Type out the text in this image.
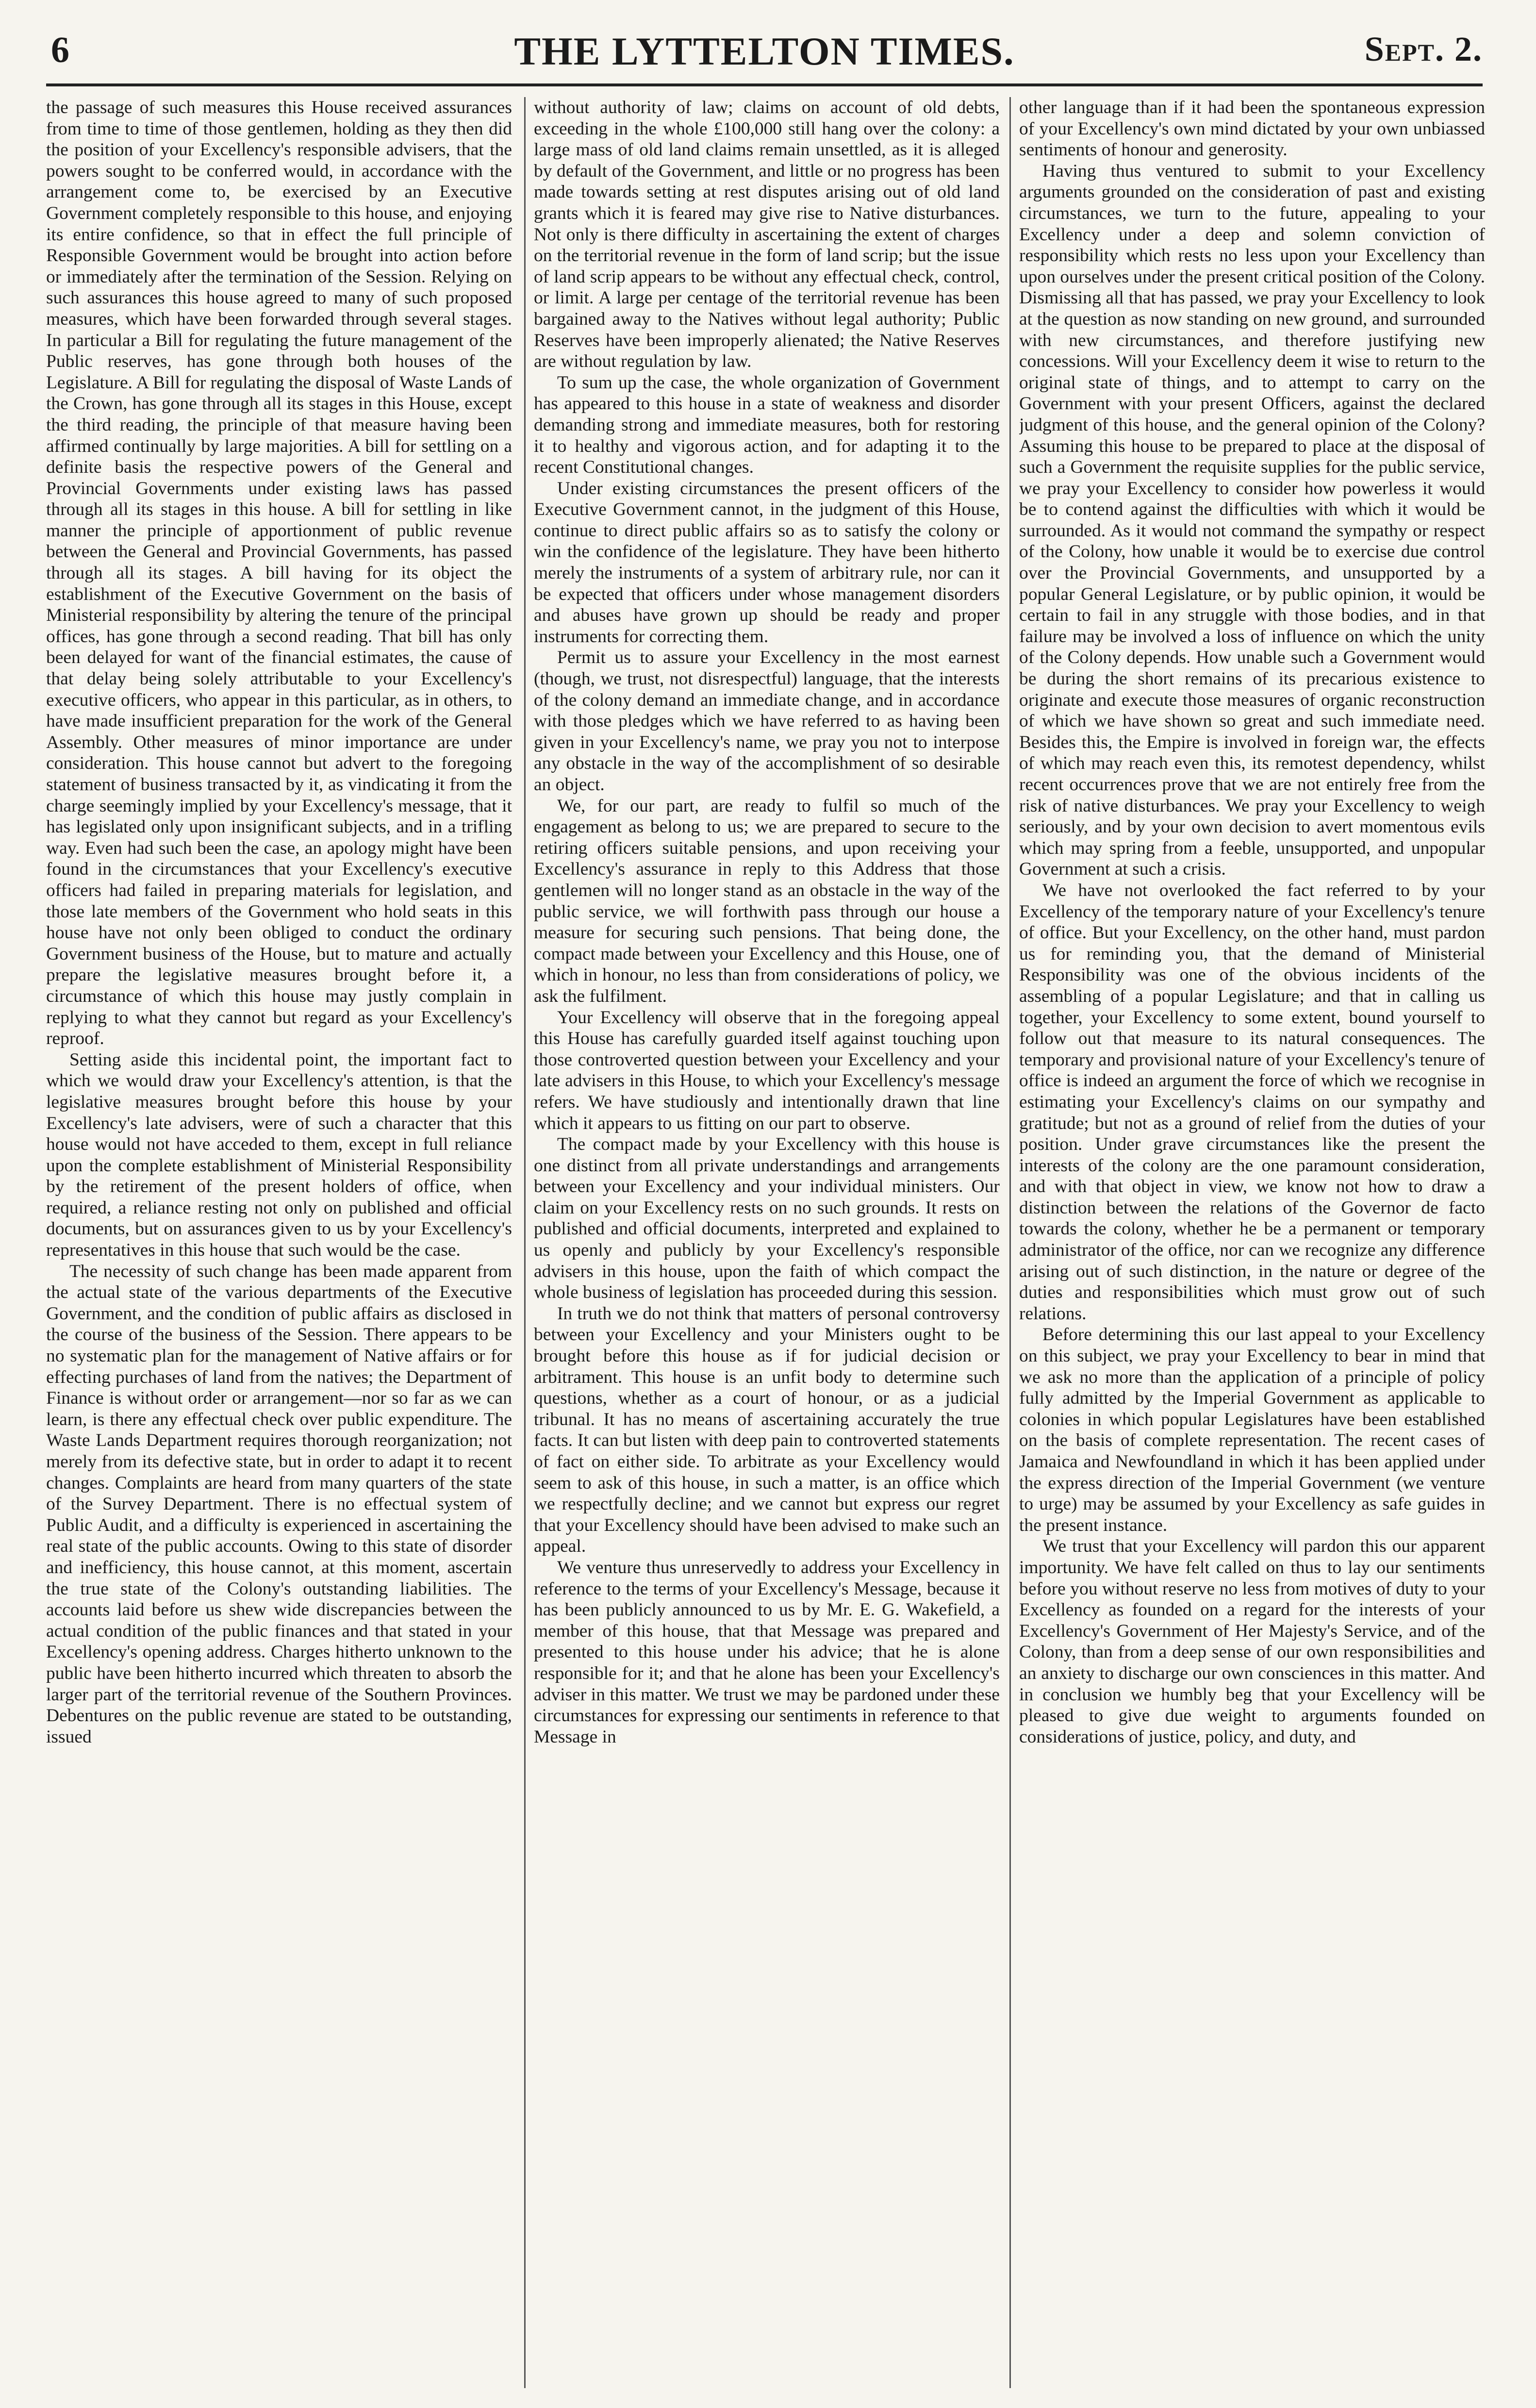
6	THE LYTTELTON TIMES.	Sept. 2.

the passage of such measures this House received assurances from time to time of those gentlemen, holding as they then did the position of your Excellency's responsible advisers, that the powers sought to be conferred would, in accordance with the arrangement come to, be exercised by an Executive Government completely responsible to this house, and enjoying its entire confidence, so that in effect the full principle of Responsible Government would be brought into action before or immediately after the termination of the Session. Relying on such assurances this house agreed to many of such proposed measures, which have been forwarded through several stages. In particular a Bill for regulating the future management of the Public reserves, has gone through both houses of the Legislature. A Bill for regulating the disposal of Waste Lands of the Crown, has gone through all its stages in this House, except the third reading, the principle of that measure having been affirmed continually by large majorities. A bill for settling on a definite basis the respective powers of the General and Provincial Governments under existing laws has passed through all its stages in this house. A bill for settling in like manner the principle of apportionment of public revenue between the General and Provincial Governments, has passed through all its stages. A bill having for its object the establishment of the Executive Government on the basis of Ministerial responsibility by altering the tenure of the principal offices, has gone through a second reading. That bill has only been delayed for want of the financial estimates, the cause of that delay being solely attributable to your Excellency's executive officers, who appear in this particular, as in others, to have made insufficient preparation for the work of the General Assembly. Other measures of minor importance are under consideration. This house cannot but advert to the foregoing statement of business transacted by it, as vindicating it from the charge seemingly implied by your Excellency's message, that it has legislated only upon insignificant subjects, and in a trifling way. Even had such been the case, an apology might have been found in the circumstances that your Excellency's executive officers had failed in preparing materials for legislation, and those late members of the Government who hold seats in this house have not only been obliged to conduct the ordinary Government business of the House, but to mature and actually prepare the legislative measures brought before it, a circumstance of which this house may justly complain in replying to what they cannot but regard as your Excellency's reproof.

Setting aside this incidental point, the important fact to which we would draw your Excellency's attention, is that the legislative measures brought before this house by your Excellency's late advisers, were of such a character that this house would not have acceded to them, except in full reliance upon the complete establishment of Ministerial Responsibility by the retirement of the present holders of office, when required, a reliance resting not only on published and official documents, but on assurances given to us by your Excellency's representatives in this house that such would be the case.

The necessity of such change has been made apparent from the actual state of the various departments of the Executive Government, and the condition of public affairs as disclosed in the course of the business of the Session. There appears to be no systematic plan for the management of Native affairs or for effecting purchases of land from the natives; the Department of Finance is without order or arrangement—nor so far as we can learn, is there any effectual check over public expenditure. The Waste Lands Department requires thorough reorganization; not merely from its defective state, but in order to adapt it to recent changes. Complaints are heard from many quarters of the state of the Survey Department. There is no effectual system of Public Audit, and a difficulty is experienced in ascertaining the real state of the public accounts. Owing to this state of disorder and inefficiency, this house cannot, at this moment, ascertain the true state of the Colony's outstanding liabilities. The accounts laid before us shew wide discrepancies between the actual condition of the public finances and that stated in your Excellency's opening address. Charges hitherto unknown to the public have been hitherto incurred which threaten to absorb the larger part of the territorial revenue of the Southern Provinces. Debentures on the public revenue are stated to be outstanding, issued

without authority of law; claims on account of old debts, exceeding in the whole £100,000 still hang over the colony: a large mass of old land claims remain unsettled, as it is alleged by default of the Government, and little or no progress has been made towards setting at rest disputes arising out of old land grants which it is feared may give rise to Native disturbances. Not only is there difficulty in ascertaining the extent of charges on the territorial revenue in the form of land scrip; but the issue of land scrip appears to be without any effectual check, control, or limit. A large per centage of the territorial revenue has been bargained away to the Natives without legal authority; Public Reserves have been improperly alienated; the Native Reserves are without regulation by law.

To sum up the case, the whole organization of Government has appeared to this house in a state of weakness and disorder demanding strong and immediate measures, both for restoring it to healthy and vigorous action, and for adapting it to the recent Constitutional changes.

Under existing circumstances the present officers of the Executive Government cannot, in the judgment of this House, continue to direct public affairs so as to satisfy the colony or win the confidence of the legislature. They have been hitherto merely the instruments of a system of arbitrary rule, nor can it be expected that officers under whose management disorders and abuses have grown up should be ready and proper instruments for correcting them.

Permit us to assure your Excellency in the most earnest (though, we trust, not disrespectful) language, that the interests of the colony demand an immediate change, and in accordance with those pledges which we have referred to as having been given in your Excellency's name, we pray you not to interpose any obstacle in the way of the accomplishment of so desirable an object.

We, for our part, are ready to fulfil so much of the engagement as belong to us; we are prepared to secure to the retiring officers suitable pensions, and upon receiving your Excellency's assurance in reply to this Address that those gentlemen will no longer stand as an obstacle in the way of the public service, we will forthwith pass through our house a measure for securing such pensions. That being done, the compact made between your Excellency and this House, one of which in honour, no less than from considerations of policy, we ask the fulfilment.

Your Excellency will observe that in the foregoing appeal this House has carefully guarded itself against touching upon those controverted question between your Excellency and your late advisers in this House, to which your Excellency's message refers. We have studiously and intentionally drawn that line which it appears to us fitting on our part to observe.

The compact made by your Excellency with this house is one distinct from all private understandings and arrangements between your Excellency and your individual ministers. Our claim on your Excellency rests on no such grounds. It rests on published and official documents, interpreted and explained to us openly and publicly by your Excellency's responsible advisers in this house, upon the faith of which compact the whole business of legislation has proceeded during this session.

In truth we do not think that matters of personal controversy between your Excellency and your Ministers ought to be brought before this house as if for judicial decision or arbitrament. This house is an unfit body to determine such questions, whether as a court of honour, or as a judicial tribunal. It has no means of ascertaining accurately the true facts. It can but listen with deep pain to controverted statements of fact on either side. To arbitrate as your Excellency would seem to ask of this house, in such a matter, is an office which we respectfully decline; and we cannot but express our regret that your Excellency should have been advised to make such an appeal.

We venture thus unreservedly to address your Excellency in reference to the terms of your Excellency's Message, because it has been publicly announced to us by Mr. E. G. Wakefield, a member of this house, that that Message was prepared and presented to this house under his advice; that he is alone responsible for it; and that he alone has been your Excellency's adviser in this matter. We trust we may be pardoned under these circumstances for expressing our sentiments in reference to that Message in

other language than if it had been the spontaneous expression of your Excellency's own mind dictated by your own unbiassed sentiments of honour and generosity.

Having thus ventured to submit to your Excellency arguments grounded on the consideration of past and existing circumstances, we turn to the future, appealing to your Excellency under a deep and solemn conviction of responsibility which rests no less upon your Excellency than upon ourselves under the present critical position of the Colony. Dismissing all that has passed, we pray your Excellency to look at the question as now standing on new ground, and surrounded with new circumstances, and therefore justifying new concessions. Will your Excellency deem it wise to return to the original state of things, and to attempt to carry on the Government with your present Officers, against the declared judgment of this house, and the general opinion of the Colony? Assuming this house to be prepared to place at the disposal of such a Government the requisite supplies for the public service, we pray your Excellency to consider how powerless it would be to contend against the difficulties with which it would be surrounded. As it would not command the sympathy or respect of the Colony, how unable it would be to exercise due control over the Provincial Governments, and unsupported by a popular General Legislature, or by public opinion, it would be certain to fail in any struggle with those bodies, and in that failure may be involved a loss of influence on which the unity of the Colony depends. How unable such a Government would be during the short remains of its precarious existence to originate and execute those measures of organic reconstruction of which we have shown so great and such immediate need. Besides this, the Empire is involved in foreign war, the effects of which may reach even this, its remotest dependency, whilst recent occurrences prove that we are not entirely free from the risk of native disturbances. We pray your Excellency to weigh seriously, and by your own decision to avert momentous evils which may spring from a feeble, unsupported, and unpopular Government at such a crisis.

We have not overlooked the fact referred to by your Excellency of the temporary nature of your Excellency's tenure of office. But your Excellency, on the other hand, must pardon us for reminding you, that the demand of Ministerial Responsibility was one of the obvious incidents of the assembling of a popular Legislature; and that in calling us together, your Excellency to some extent, bound yourself to follow out that measure to its natural consequences. The temporary and provisional nature of your Excellency's tenure of office is indeed an argument the force of which we recognise in estimating your Excellency's claims on our sympathy and gratitude; but not as a ground of relief from the duties of your position. Under grave circumstances like the present the interests of the colony are the one paramount consideration, and with that object in view, we know not how to draw a distinction between the relations of the Governor de facto towards the colony, whether he be a permanent or temporary administrator of the office, nor can we recognize any difference arising out of such distinction, in the nature or degree of the duties and responsibilities which must grow out of such relations.

Before determining this our last appeal to your Excellency on this subject, we pray your Excellency to bear in mind that we ask no more than the application of a principle of policy fully admitted by the Imperial Government as applicable to colonies in which popular Legislatures have been established on the basis of complete representation. The recent cases of Jamaica and Newfoundland in which it has been applied under the express direction of the Imperial Government (we venture to urge) may be assumed by your Excellency as safe guides in the present instance.

We trust that your Excellency will pardon this our apparent importunity. We have felt called on thus to lay our sentiments before you without reserve no less from motives of duty to your Excellency as founded on a regard for the interests of your Excellency's Government of Her Majesty's Service, and of the Colony, than from a deep sense of our own responsibilities and an anxiety to discharge our own consciences in this matter. And in conclusion we humbly beg that your Excellency will be pleased to give due weight to arguments founded on considerations of justice, policy, and duty, and
